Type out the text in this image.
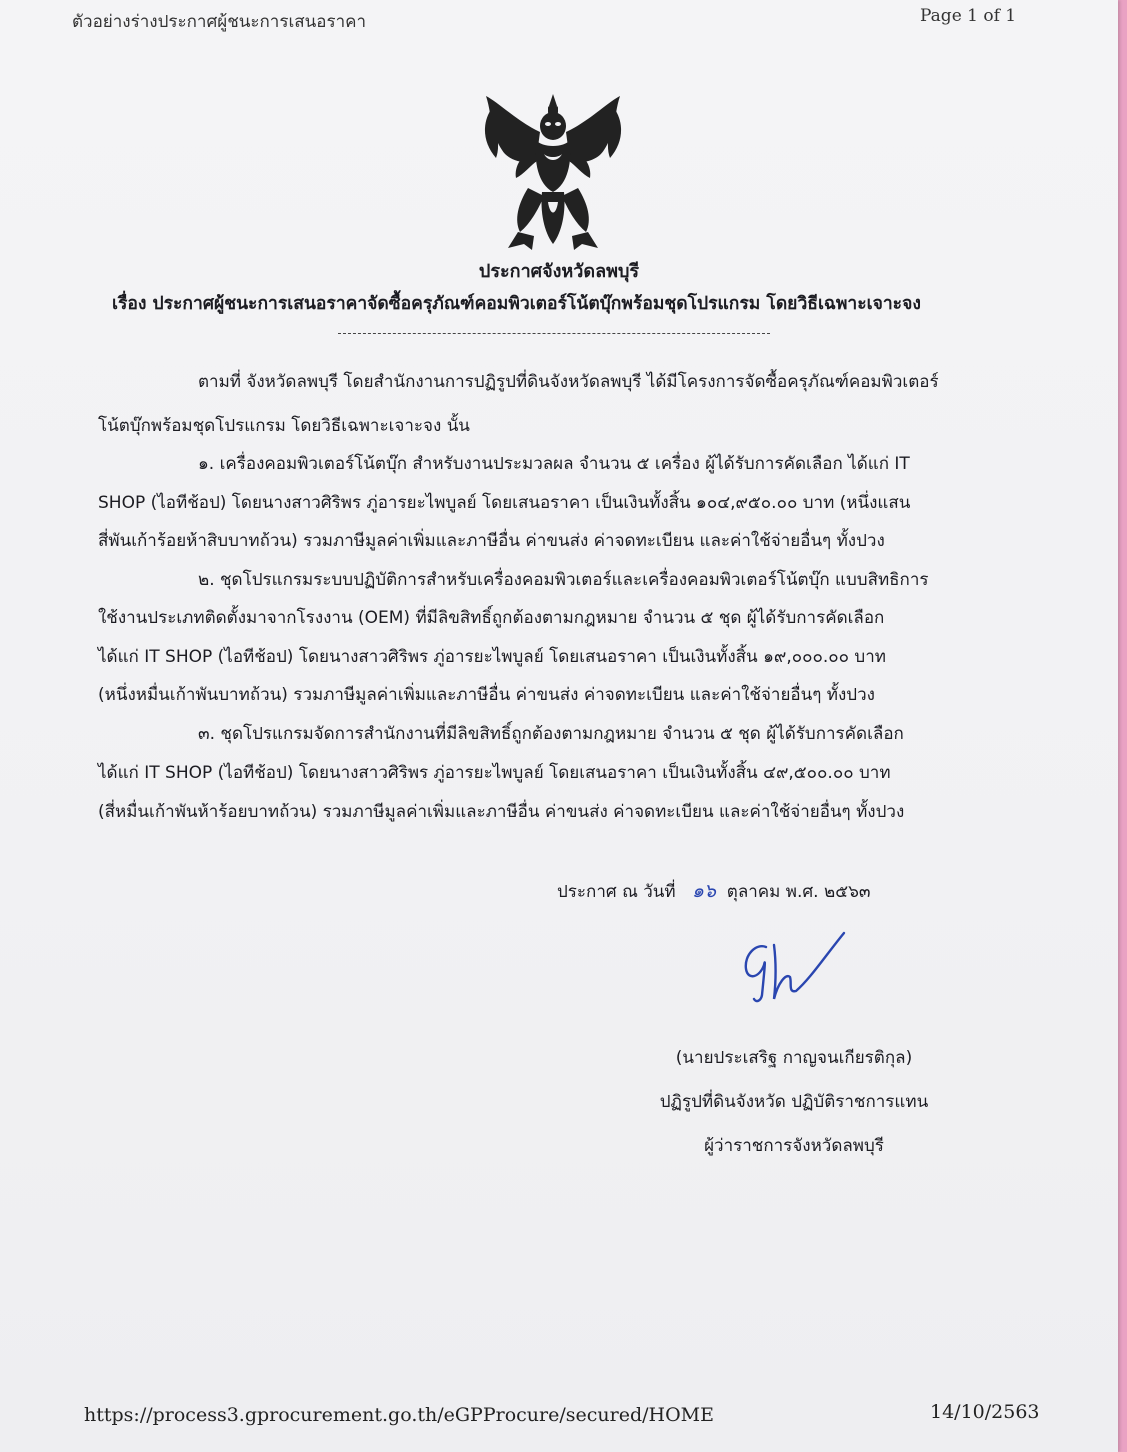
ตัวอย่างร่างประกาศผู้ชนะการเสนอราคา	Page 1 of 1
ประกาศจังหวัดลพบุรี
เรื่อง ประกาศผู้ชนะการเสนอราคาจัดซื้อครุภัณฑ์คอมพิวเตอร์โน้ตบุ๊กพร้อมชุดโปรแกรม โดยวิธีเฉพาะเจาะจง
ตามที่ จังหวัดลพบุรี โดยสำนักงานการปฏิรูปที่ดินจังหวัดลพบุรี ได้มีโครงการจัดซื้อครุภัณฑ์คอมพิวเตอร์
โน้ตบุ๊กพร้อมชุดโปรแกรม โดยวิธีเฉพาะเจาะจง นั้น
๑. เครื่องคอมพิวเตอร์โน้ตบุ๊ก สำหรับงานประมวลผล จำนวน ๕ เครื่อง ผู้ได้รับการคัดเลือก ได้แก่ IT
SHOP (ไอทีช้อป) โดยนางสาวศิริพร ภู่อารยะไพบูลย์ โดยเสนอราคา เป็นเงินทั้งสิ้น ๑๐๔,๙๕๐.๐๐ บาท (หนึ่งแสน
สี่พันเก้าร้อยห้าสิบบาทถ้วน) รวมภาษีมูลค่าเพิ่มและภาษีอื่น ค่าขนส่ง ค่าจดทะเบียน และค่าใช้จ่ายอื่นๆ ทั้งปวง
๒. ชุดโปรแกรมระบบปฏิบัติการสำหรับเครื่องคอมพิวเตอร์และเครื่องคอมพิวเตอร์โน้ตบุ๊ก แบบสิทธิการ
ใช้งานประเภทติดตั้งมาจากโรงงาน (OEM) ที่มีลิขสิทธิ์ถูกต้องตามกฎหมาย จำนวน ๕ ชุด ผู้ได้รับการคัดเลือก
ได้แก่ IT SHOP (ไอทีช้อป) โดยนางสาวศิริพร ภู่อารยะไพบูลย์ โดยเสนอราคา เป็นเงินทั้งสิ้น ๑๙,๐๐๐.๐๐ บาท
(หนึ่งหมื่นเก้าพันบาทถ้วน) รวมภาษีมูลค่าเพิ่มและภาษีอื่น ค่าขนส่ง ค่าจดทะเบียน และค่าใช้จ่ายอื่นๆ ทั้งปวง
๓. ชุดโปรแกรมจัดการสำนักงานที่มีลิขสิทธิ์ถูกต้องตามกฎหมาย จำนวน ๕ ชุด ผู้ได้รับการคัดเลือก
ได้แก่ IT SHOP (ไอทีช้อป) โดยนางสาวศิริพร ภู่อารยะไพบูลย์ โดยเสนอราคา เป็นเงินทั้งสิ้น ๔๙,๕๐๐.๐๐ บาท
(สี่หมื่นเก้าพันห้าร้อยบาทถ้วน) รวมภาษีมูลค่าเพิ่มและภาษีอื่น ค่าขนส่ง ค่าจดทะเบียน และค่าใช้จ่ายอื่นๆ ทั้งปวง
ประกาศ ณ วันที่ ๑๖ ตุลาคม พ.ศ. ๒๕๖๓
(นายประเสริฐ กาญจนเกียรติกุล)
ปฏิรูปที่ดินจังหวัด ปฏิบัติราชการแทน
ผู้ว่าราชการจังหวัดลพบุรี
https://process3.gprocurement.go.th/eGPProcure/secured/HOME	14/10/2563
